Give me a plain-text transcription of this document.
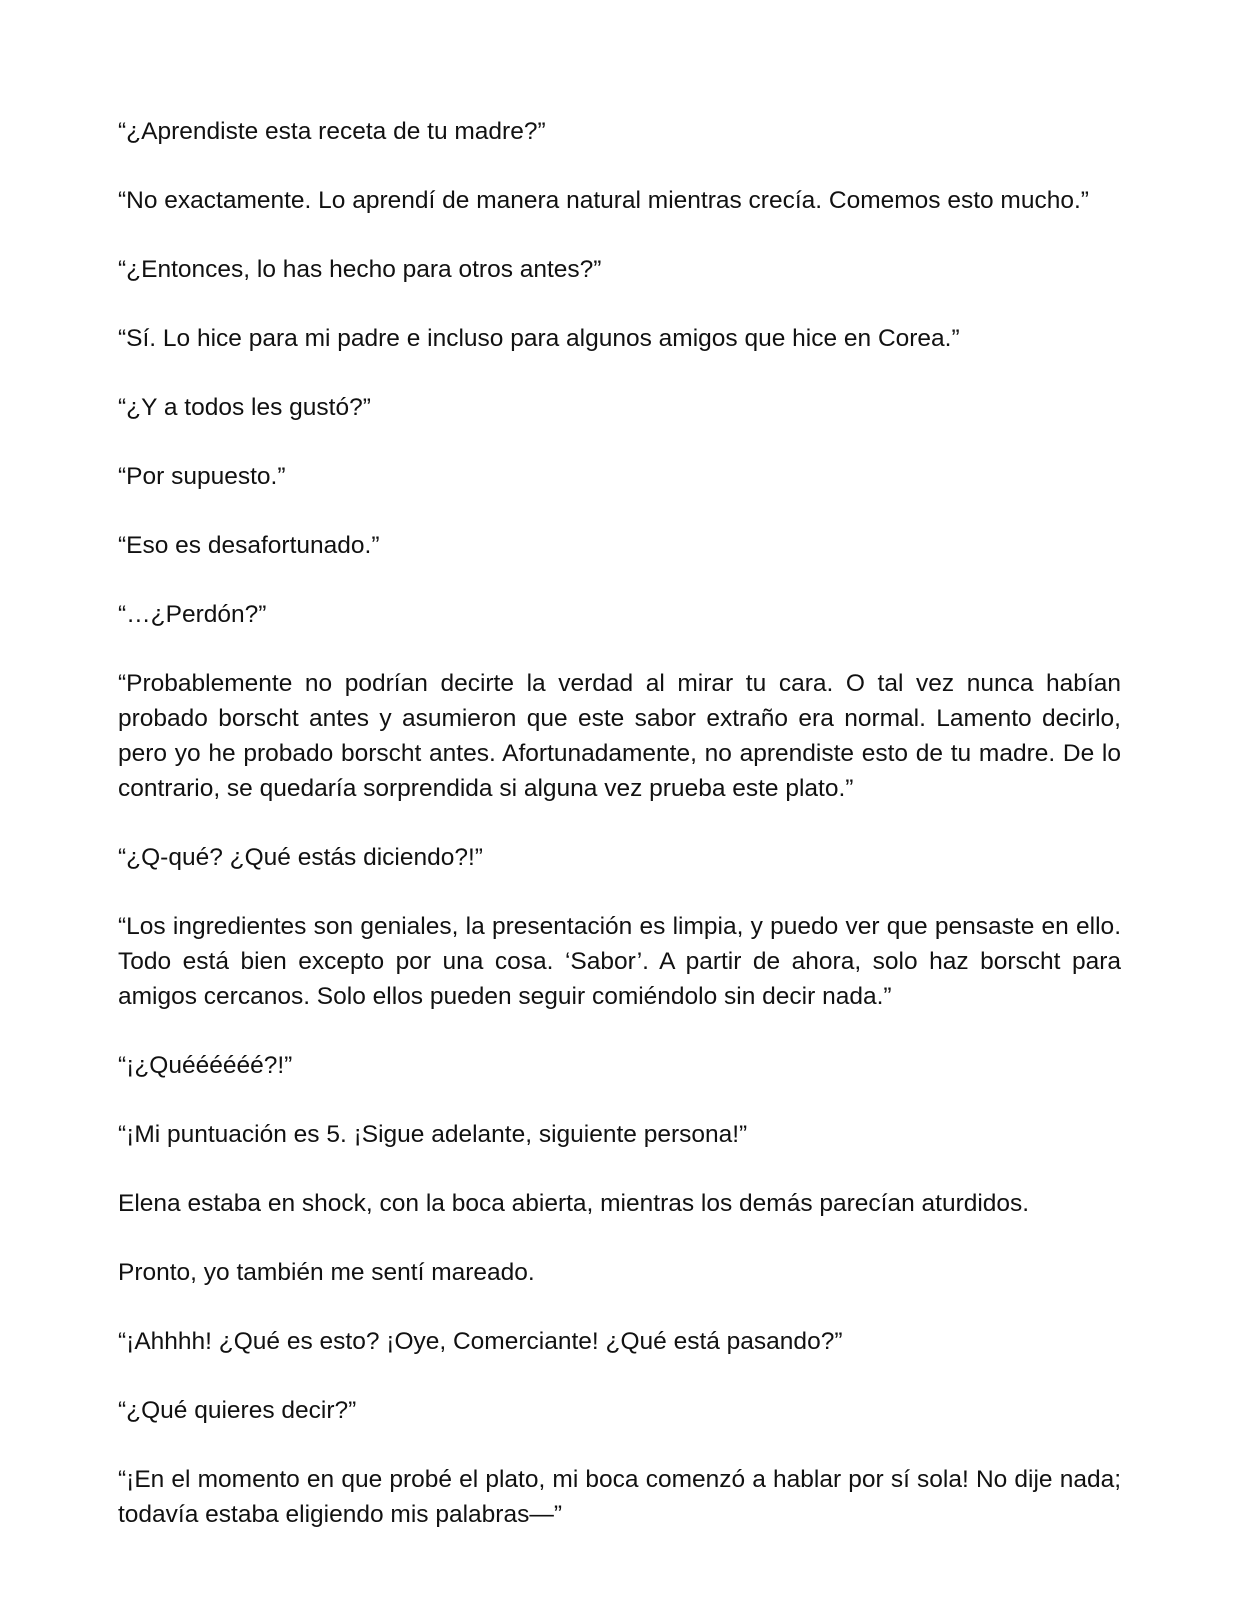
“¿Aprendiste esta receta de tu madre?”

“No exactamente. Lo aprendí de manera natural mientras crecía. Comemos esto mucho.”

“¿Entonces, lo has hecho para otros antes?”

“Sí. Lo hice para mi padre e incluso para algunos amigos que hice en Corea.”

“¿Y a todos les gustó?”

“Por supuesto.”

“Eso es desafortunado.”

“…¿Perdón?”

“Probablemente no podrían decirte la verdad al mirar tu cara. O tal vez nunca habían probado borscht antes y asumieron que este sabor extraño era normal. Lamento decirlo, pero yo he probado borscht antes. Afortunadamente, no aprendiste esto de tu madre. De lo contrario, se quedaría sorprendida si alguna vez prueba este plato.”

“¿Q-qué? ¿Qué estás diciendo?!”

“Los ingredientes son geniales, la presentación es limpia, y puedo ver que pensaste en ello. Todo está bien excepto por una cosa. ‘Sabor’. A partir de ahora, solo haz borscht para amigos cercanos. Solo ellos pueden seguir comiéndolo sin decir nada.”

“¡¿Quéééééé?!”

“¡Mi puntuación es 5. ¡Sigue adelante, siguiente persona!”

Elena estaba en shock, con la boca abierta, mientras los demás parecían aturdidos.

Pronto, yo también me sentí mareado.

“¡Ahhhh! ¿Qué es esto? ¡Oye, Comerciante! ¿Qué está pasando?”

“¿Qué quieres decir?”

“¡En el momento en que probé el plato, mi boca comenzó a hablar por sí sola! No dije nada; todavía estaba eligiendo mis palabras—”
